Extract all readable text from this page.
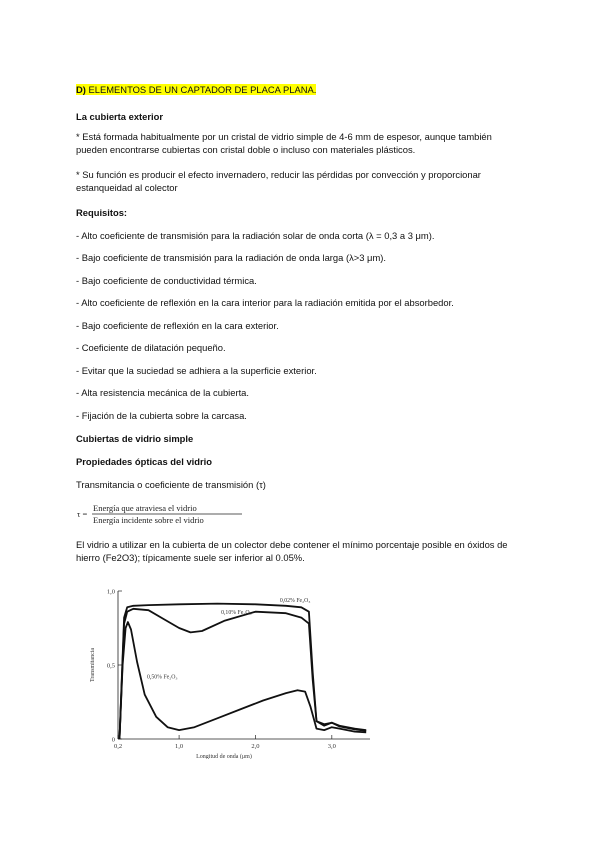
D) ELEMENTOS DE UN CAPTADOR DE PLACA PLANA.
La cubierta exterior

* Está formada habitualmente por un cristal de vidrio simple de 4-6 mm de espesor, aunque también pueden encontrarse cubiertas con cristal doble o incluso con materiales plásticos.

* Su función es producir el efecto invernadero, reducir las pérdidas por convección y proporcionar estanqueidad al colector

Requisitos:
- Alto coeficiente de transmisión para la radiación solar de onda corta (λ = 0,3 a 3 μm).
- Bajo coeficiente de transmisión para la radiación de onda larga (λ>3 μm).
- Bajo coeficiente de conductividad térmica.
- Alto coeficiente de reflexión en la cara interior para la radiación emitida por el absorbedor.
- Bajo coeficiente de reflexión en la cara exterior.
- Coeficiente de dilatación pequeño.
- Evitar que la suciedad se adhiera a la superficie exterior.
- Alta resistencia mecánica de la cubierta.
- Fijación de la cubierta sobre la carcasa.
Cubiertas de vidrio simple
Propiedades ópticas del vidrio
Transmitancia o coeficiente de transmisión (τ)
τ =
Energía que atraviesa el vidrio
Energía incidente sobre el vidrio

El vidrio a utilizar en la cubierta de un colector debe contener el mínimo porcentaje posible en óxidos de hierro (Fe2O3); típicamente suele ser inferior al 0.05%.

0
0,5
1,0
0,2	1,0	2,0	3,0
Longitud de onda (μm)
Transmitancia
0,02% Fe₂O₃
0,10% Fe₂O₃
0,50% Fe₂O₃
